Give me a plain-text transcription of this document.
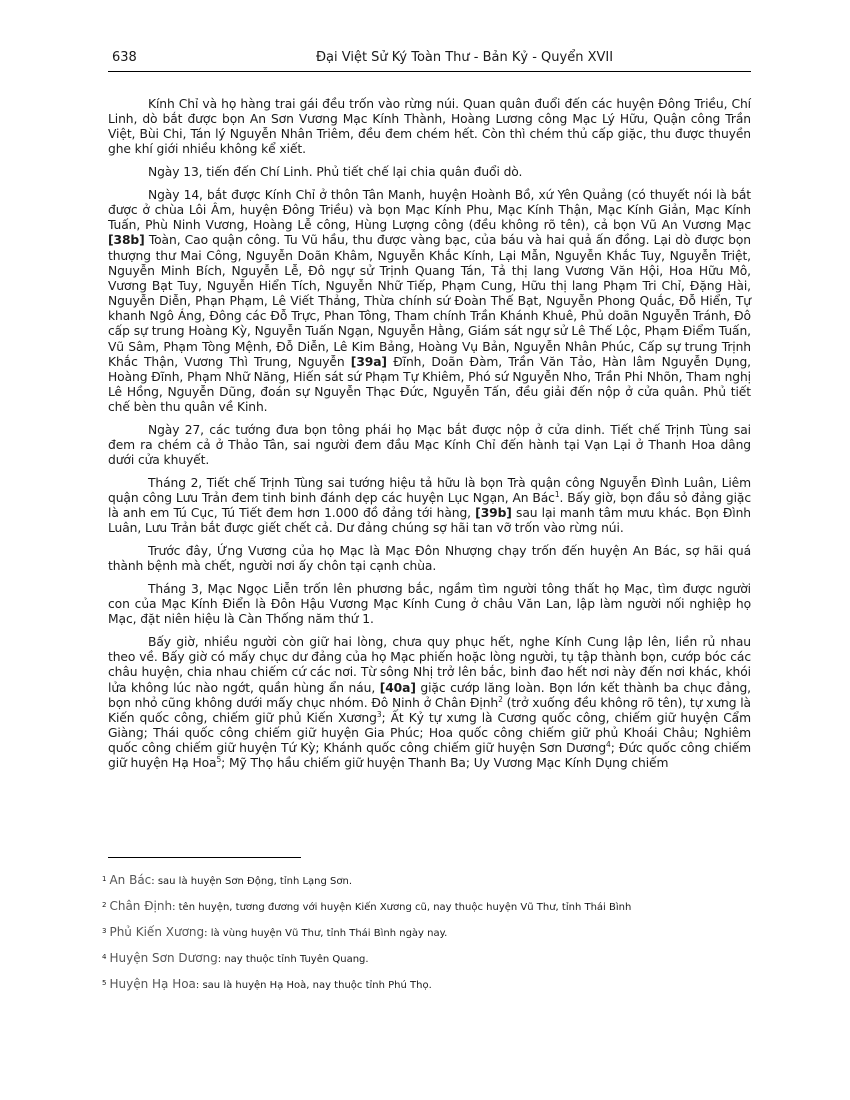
638	Đại Việt Sử Ký Toàn Thư - Bản Kỷ - Quyển XVII

Kính Chỉ và họ hàng trai gái đều trốn vào rừng núi. Quan quân đuổi đến các huyện Đông Triều, Chí Linh, dò bắt được bọn An Sơn Vương Mạc Kính Thành, Hoàng Lương công Mạc Lý Hữu, Quận công Trần Việt, Bùi Chi, Tán lý Nguyễn Nhân Triêm, đều đem chém hết. Còn thì chém thủ cấp giặc, thu được thuyền ghe khí giới nhiều không kể xiết.

Ngày 13, tiến đến Chí Linh. Phủ tiết chế lại chia quân đuổi dò.

Ngày 14, bắt được Kính Chỉ ở thôn Tân Manh, huyện Hoành Bồ, xứ Yên Quảng (có thuyết nói là bắt được ở chùa Lôi Âm, huyện Đông Triều) và bọn Mạc Kính Phu, Mạc Kính Thận, Mạc Kính Giản, Mạc Kính Tuấn, Phù Ninh Vương, Hoàng Lễ công, Hùng Lượng công (đều không rõ tên), cả bọn Vũ An Vương Mạc [38b] Toàn, Cao quận công. Tu Vũ hầu, thu được vàng bạc, của báu và hai quả ấn đồng. Lại dò được bọn thượng thư Mai Công, Nguyễn Doãn Khâm, Nguyễn Khắc Kính, Lại Mẫn, Nguyễn Khắc Tuy, Nguyễn Triệt, Nguyễn Minh Bích, Nguyễn Lễ, Đô ngự sử Trịnh Quang Tán, Tả thị lang Vương Văn Hội, Hoa Hữu Mô, Vương Bạt Tuy, Nguyễn Hiển Tích, Nguyễn Nhữ Tiếp, Phạm Cung, Hữu thị lang Phạm Tri Chỉ, Đặng Hài, Nguyễn Diễn, Phạn Phạm, Lê Viết Thảng, Thừa chính sứ Đoàn Thế Bạt, Nguyễn Phong Quắc, Đỗ Hiển, Tự khanh Ngô Áng, Đông các Đỗ Trực, Phan Tông, Tham chính Trần Khánh Khuê, Phủ doãn Nguyễn Tránh, Đô cấp sự trung Hoàng Kỳ, Nguyễn Tuấn Ngạn, Nguyễn Hằng, Giám sát ngự sử Lê Thế Lộc, Phạm Điểm Tuấn, Vũ Sâm, Phạm Tòng Mệnh, Đỗ Diễn, Lê Kim Bảng, Hoàng Vụ Bản, Nguyễn Nhân Phúc, Cấp sự trung Trịnh Khắc Thận, Vương Thì Trung, Nguyễn [39a] Đĩnh, Doãn Đàm, Trần Văn Tảo, Hàn lâm Nguyễn Dụng, Hoàng Đĩnh, Phạm Nhữ Năng, Hiến sát sứ Phạm Tự Khiêm, Phó sứ Nguyễn Nho, Trần Phi Nhõn, Tham nghị Lê Hồng, Nguyễn Dũng, đoán sự Nguyễn Thạc Đức, Nguyễn Tấn, đều giải đến nộp ở cửa quân. Phủ tiết chế bèn thu quân về Kinh.

Ngày 27, các tướng đưa bọn tông phái họ Mạc bắt được nộp ở cửa dinh. Tiết chế Trịnh Tùng sai đem ra chém cả ở Thảo Tân, sai người đem đầu Mạc Kính Chỉ đến hành tại Vạn Lại ở Thanh Hoa dâng dưới cửa khuyết.

Tháng 2, Tiết chế Trịnh Tùng sai tướng hiệu tả hữu là bọn Trà quận công Nguyễn Đình Luân, Liêm quận công Lưu Trản đem tinh binh đánh dẹp các huyện Lục Ngạn, An Bác$^1$. Bấy giờ, bọn đầu sỏ đảng giặc là anh em Tú Cục, Tú Tiết đem hơn 1.000 đồ đảng tới hàng, [39b] sau lại manh tâm mưu khác. Bọn Đình Luân, Lưu Trản bắt được giết chết cả. Dư đảng chúng sợ hãi tan vỡ trốn vào rừng núi.

Trước đây, Ứng Vương của họ Mạc là Mạc Đôn Nhượng chạy trốn đến huyện An Bác, sợ hãi quá thành bệnh mà chết, người nơi ấy chôn tại cạnh chùa.

Tháng 3, Mạc Ngọc Liễn trốn lên phương bắc, ngầm tìm người tông thất họ Mạc, tìm được người con của Mạc Kính Điển là Đôn Hậu Vương Mạc Kính Cung ở châu Văn Lan, lập làm người nối nghiệp họ Mạc, đặt niên hiệu là Càn Thống năm thứ 1.

Bấy giờ, nhiều người còn giữ hai lòng, chưa quy phục hết, nghe Kính Cung lập lên, liền rủ nhau theo về. Bấy giờ có mấy chục dư đảng của họ Mạc phiến hoặc lòng người, tụ tập thành bọn, cướp bóc các châu huyện, chia nhau chiếm cứ các nơi. Từ sông Nhị trở lên bắc, binh đao hết nơi này đến nơi khác, khói lửa không lúc nào ngớt, quần hùng ẩn náu, [40a] giặc cướp lăng loàn. Bọn lớn kết thành ba chục đảng, bọn nhỏ cũng không dưới mấy chục nhóm. Đô Ninh ở Chân Định$^2$ (trở xuống đều không rõ tên), tự xưng là Kiến quốc công, chiếm giữ phủ Kiến Xương$^3$; Ất Kỷ tự xưng là Cương quốc công, chiếm giữ huyện Cẩm Giàng; Thái quốc công chiếm giữ huyện Gia Phúc; Hoa quốc công chiếm giữ phủ Khoái Châu; Nghiêm quốc công chiếm giữ huyện Tứ Kỳ; Khánh quốc công chiếm giữ huyện Sơn Dương$^4$; Đức quốc công chiếm giữ huyện Hạ Hoa$^5$; Mỹ Thọ hầu chiếm giữ huyện Thanh Ba; Uy Vương Mạc Kính Dụng chiếm

$^1$ An Bác: sau là huyện Sơn Động, tỉnh Lạng Sơn.
$^2$ Chân Định: tên huyện, tương đương với huyện Kiến Xương cũ, nay thuộc huyện Vũ Thư, tỉnh Thái Bình
$^3$ Phủ Kiến Xương: là vùng huyện Vũ Thư, tỉnh Thái Bình ngày nay.
$^4$ Huyện Sơn Dương: nay thuộc tỉnh Tuyên Quang.
$^5$ Huyện Hạ Hoa: sau là huyện Hạ Hoà, nay thuộc tỉnh Phú Thọ.
